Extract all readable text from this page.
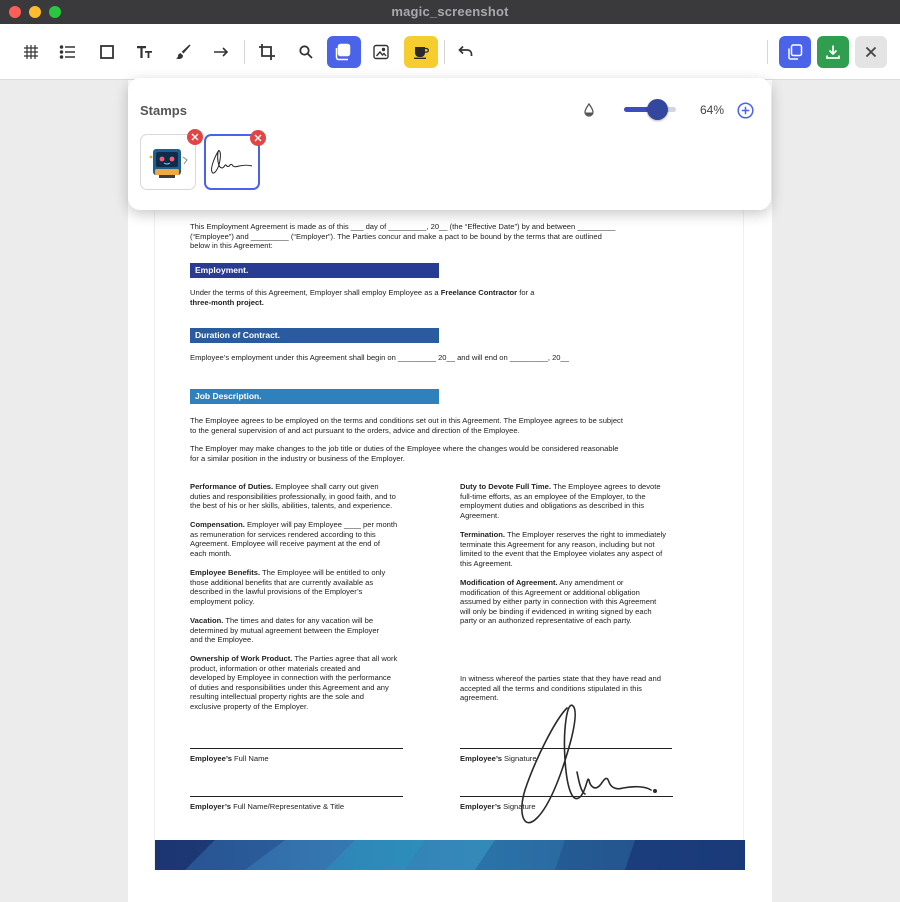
magic_screenshot

This Employment Agreement is made as of this ___ day of _________, 20__ (the “Effective Date”) by and between _________

(“Employee”) and _________ (“Employer”). The Parties concur and make a pact to be bound by the terms that are outlined

below in this Agreement:

Employment.

Under the terms of this Agreement, Employer shall employ Employee as a Freelance Contractor for a

three-month project.

Duration of Contract.

Employee’s employment under this Agreement shall begin on _________ 20__ and will end on _________, 20__

Job Description.

The Employee agrees to be employed on the terms and conditions set out in this Agreement. The Employee agrees to be subject

to the general supervision of and act pursuant to the orders, advice and direction of the Employee.

The Employer may make changes to the job title or duties of the Employee where the changes would be considered reasonable

for a similar position in the industry or business of the Employer.

Performance of Duties. Employee shall carry out given

duties and responsibilities professionally, in good faith, and to

the best of his or her skills, abilities, talents, and experience.

Compensation. Employer will pay Employee ____ per month

as remuneration for services rendered according to this

Agreement. Employee will receive payment at the end of

each month.

Employee Benefits. The Employee will be entitled to only

those additional benefits that are currently available as

described in the lawful provisions of the Employer’s

employment policy.

Vacation. The times and dates for any vacation will be

determined by mutual agreement between the Employer

and the Employee.

Ownership of Work Product. The Parties agree that all work

product, information or other materials created and

developed by Employee in connection with the performance

of duties and responsibilities under this Agreement and any

resulting intellectual property rights are the sole and

exclusive property of the Employer.

Duty to Devote Full Time. The Employee agrees to devote

full-time efforts, as an employee of the Employer, to the

employment duties and obligations as described in this

Agreement.

Termination. The Employer reserves the right to immediately

terminate this Agreement for any reason, including but not

limited to the event that the Employee violates any aspect of

this Agreement.

Modification of Agreement. Any amendment or

modification of this Agreement or additional obligation

assumed by either party in connection with this Agreement

will only be binding if evidenced in writing signed by each

party or an authorized representative of each party.

In witness whereof the parties state that they have read and

accepted all the terms and conditions stipulated in this

agreement.

Employee’s Full Name	Employee’s Signature

Employer’s Full Name/Representative & Title	Employer’s Signature

Stamps	64%
